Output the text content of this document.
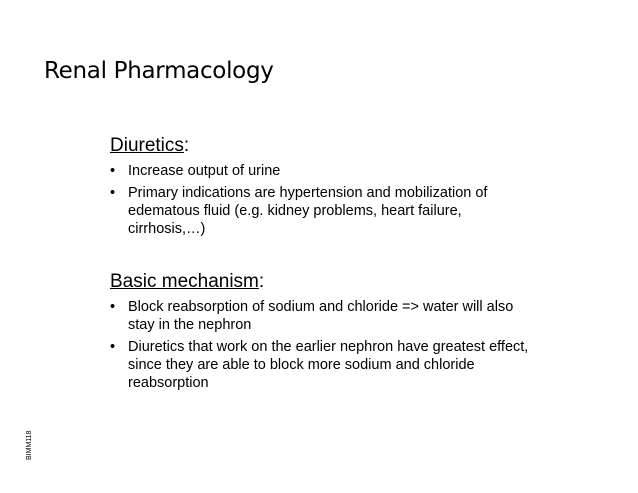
Renal Pharmacology
Diuretics:
• Increase output of urine
• Primary indications are hypertension and mobilization of edematous fluid (e.g. kidney problems, heart failure, cirrhosis,…)
Basic mechanism:
• Block reabsorption of sodium and chloride => water will also stay in the nephron
• Diuretics that work on the earlier nephron have greatest effect, since they are able to block more sodium and chloride reabsorption
BIMM118
